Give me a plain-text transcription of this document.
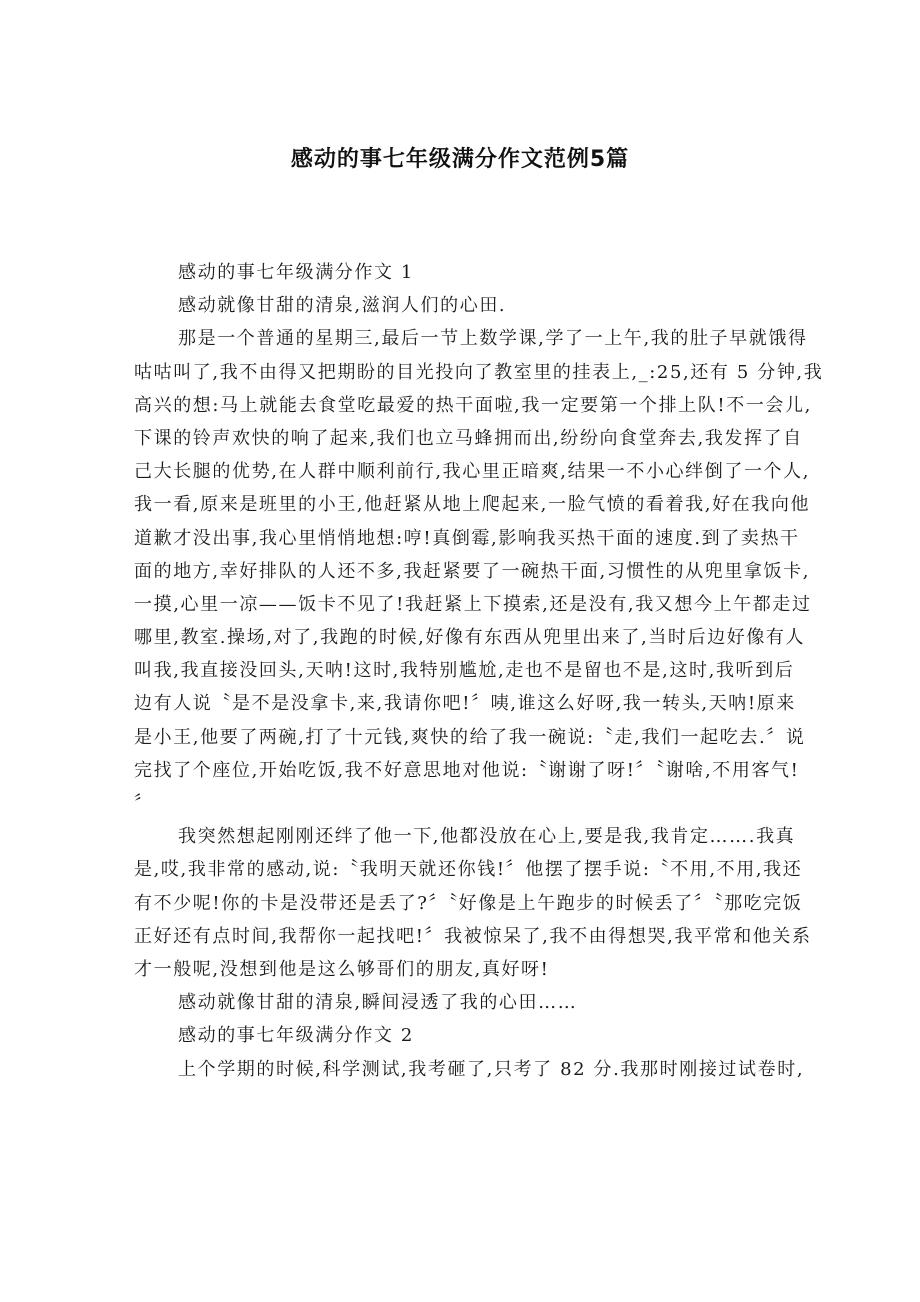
感动的事七年级满分作文范例5篇
感动的事七年级满分作文 1
感动就像甘甜的清泉,滋润人们的心田.
那是一个普通的星期三,最后一节上数学课,学了一上午,我的肚子早就饿得
咕咕叫了,我不由得又把期盼的目光投向了教室里的挂表上,_:25,还有 5 分钟,我
高兴的想:马上就能去食堂吃最爱的热干面啦,我一定要第一个排上队!不一会儿,
下课的铃声欢快的响了起来,我们也立马蜂拥而出,纷纷向食堂奔去,我发挥了自
己大长腿的优势,在人群中顺利前行,我心里正暗爽,结果一不小心绊倒了一个人,
我一看,原来是班里的小王,他赶紧从地上爬起来,一脸气愤的看着我,好在我向他
道歉才没出事,我心里悄悄地想:哼!真倒霉,影响我买热干面的速度.到了卖热干
面的地方,幸好排队的人还不多,我赶紧要了一碗热干面,习惯性的从兜里拿饭卡,
一摸,心里一凉——饭卡不见了!我赶紧上下摸索,还是没有,我又想今上午都走过
哪里,教室.操场,对了,我跑的时候,好像有东西从兜里出来了,当时后边好像有人
叫我,我直接没回头,天呐!这时,我特别尴尬,走也不是留也不是,这时,我听到后
边有人说〝是不是没拿卡,来,我请你吧!〞咦,谁这么好呀,我一转头,天呐!原来
是小王,他要了两碗,打了十元钱,爽快的给了我一碗说:〝走,我们一起吃去.〞说
完找了个座位,开始吃饭,我不好意思地对他说:〝谢谢了呀!〞〝谢啥,不用客气!
〞
我突然想起刚刚还绊了他一下,他都没放在心上,要是我,我肯定…….我真
是,哎,我非常的感动,说:〝我明天就还你钱!〞他摆了摆手说:〝不用,不用,我还
有不少呢!你的卡是没带还是丢了?〞〝好像是上午跑步的时候丢了〞〝那吃完饭
正好还有点时间,我帮你一起找吧!〞我被惊呆了,我不由得想哭,我平常和他关系
才一般呢,没想到他是这么够哥们的朋友,真好呀!
感动就像甘甜的清泉,瞬间浸透了我的心田……
感动的事七年级满分作文 2
上个学期的时候,科学测试,我考砸了,只考了 82 分.我那时刚接过试卷时,
